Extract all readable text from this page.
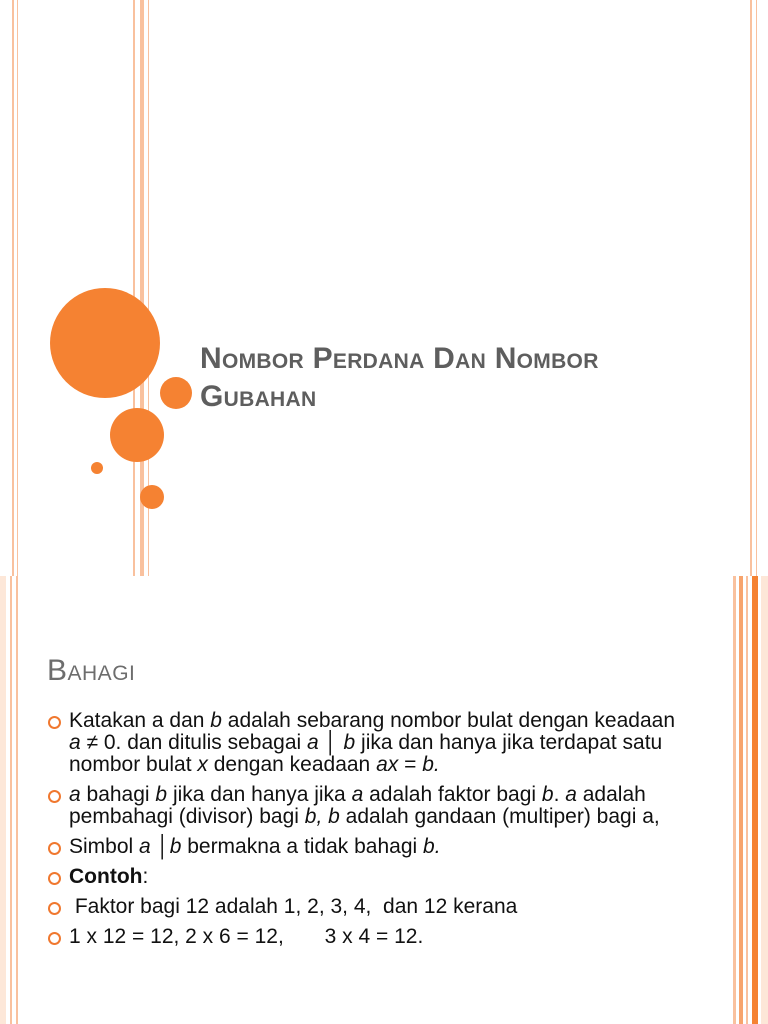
Nombor Perdana Dan Nombor
Gubahan
Bahagi
Katakan a dan b adalah sebarang nombor bulat dengan keadaan a ≠ 0. dan ditulis sebagai a │ b jika dan hanya jika terdapat satu nombor bulat x dengan keadaan ax = b.
a bahagi b jika dan hanya jika a adalah faktor bagi b. a adalah pembahagi (divisor) bagi b, b adalah gandaan (multiper) bagi a,
Simbol a │b bermakna a tidak bahagi b.
Contoh:
Faktor bagi 12 adalah 1, 2, 3, 4,  dan 12 kerana
1 x 12 = 12, 2 x 6 = 12,       3 x 4 = 12.
